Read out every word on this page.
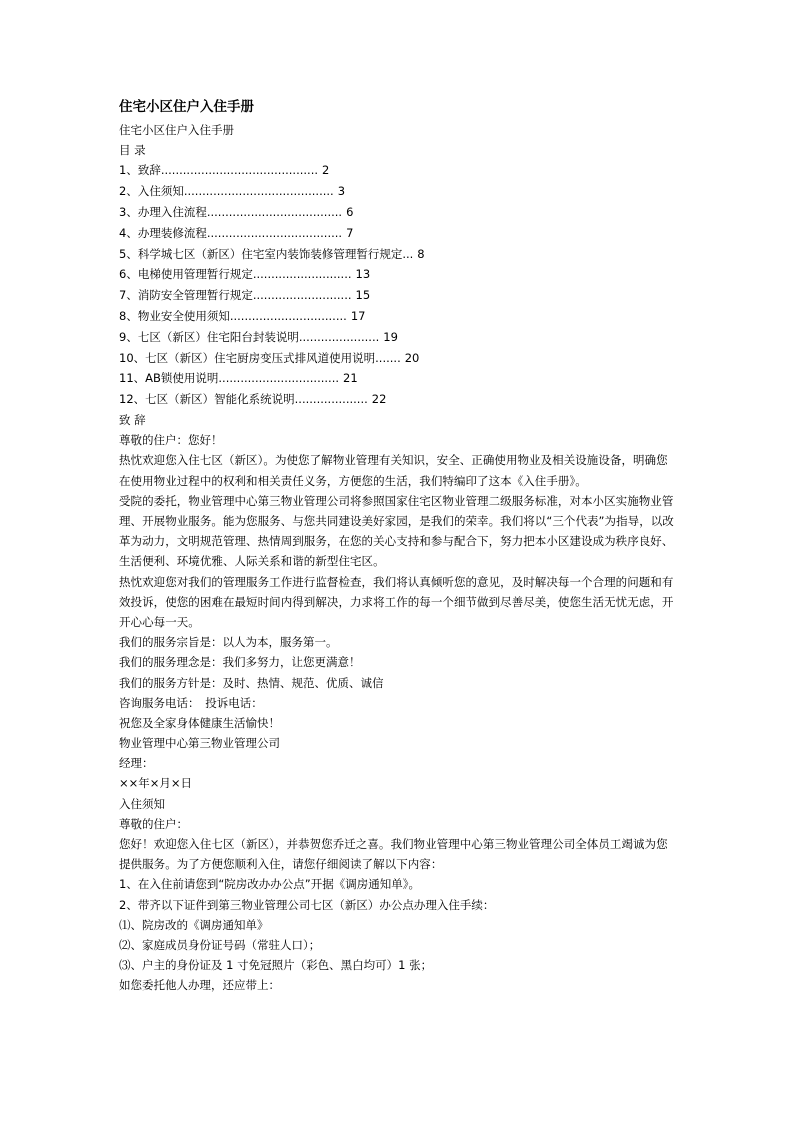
住宅小区住户入住手册
住宅小区住户入住手册
目 录
1、致辞........................................... 2
2、入住须知......................................... 3
3、办理入住流程..................................... 6
4、办理装修流程..................................... 7
5、科学城七区（新区）住宅室内装饰装修管理暂行规定... 8
6、电梯使用管理暂行规定........................... 13
7、消防安全管理暂行规定........................... 15
8、物业安全使用须知................................ 17
9、七区（新区）住宅阳台封装说明...................... 19
10、七区（新区）住宅厨房变压式排风道使用说明....... 20
11、AB锁使用说明................................. 21
12、七区（新区）智能化系统说明.................... 22
致 辞
尊敬的住户：您好！
热忱欢迎您入住七区（新区）。为使您了解物业管理有关知识，安全、正确使用物业及相关设施设备，明确您在使用物业过程中的权利和相关责任义务，方便您的生活，我们特编印了这本《入住手册》。
受院的委托，物业管理中心第三物业管理公司将参照国家住宅区物业管理二级服务标准，对本小区实施物业管理、开展物业服务。能为您服务、与您共同建设美好家园，是我们的荣幸。我们将以“三个代表”为指导，以改革为动力，文明规范管理、热情周到服务，在您的关心支持和参与配合下，努力把本小区建设成为秩序良好、生活便利、环境优雅、人际关系和谐的新型住宅区。
热忱欢迎您对我们的管理服务工作进行监督检查，我们将认真倾听您的意见，及时解决每一个合理的问题和有效投诉，使您的困难在最短时间内得到解决，力求将工作的每一个细节做到尽善尽美，使您生活无忧无虑，开开心心每一天。
我们的服务宗旨是：以人为本，服务第一。
我们的服务理念是：我们多努力，让您更满意！
我们的服务方针是：及时、热情、规范、优质、诚信
咨询服务电话：　投诉电话：
祝您及全家身体健康生活愉快！
物业管理中心第三物业管理公司
经理：
××年×月×日
入住须知
尊敬的住户：
您好！欢迎您入住七区（新区），并恭贺您乔迁之喜。我们物业管理中心第三物业管理公司全体员工竭诚为您提供服务。为了方便您顺利入住，请您仔细阅读了解以下内容：
1、在入住前请您到“院房改办办公点”开据《调房通知单》。
2、带齐以下证件到第三物业管理公司七区（新区）办公点办理入住手续：
⑴、院房改的《调房通知单》
⑵、家庭成员身份证号码（常驻人口）；
⑶、户主的身份证及 1 寸免冠照片（彩色、黑白均可）1 张；
如您委托他人办理，还应带上：
